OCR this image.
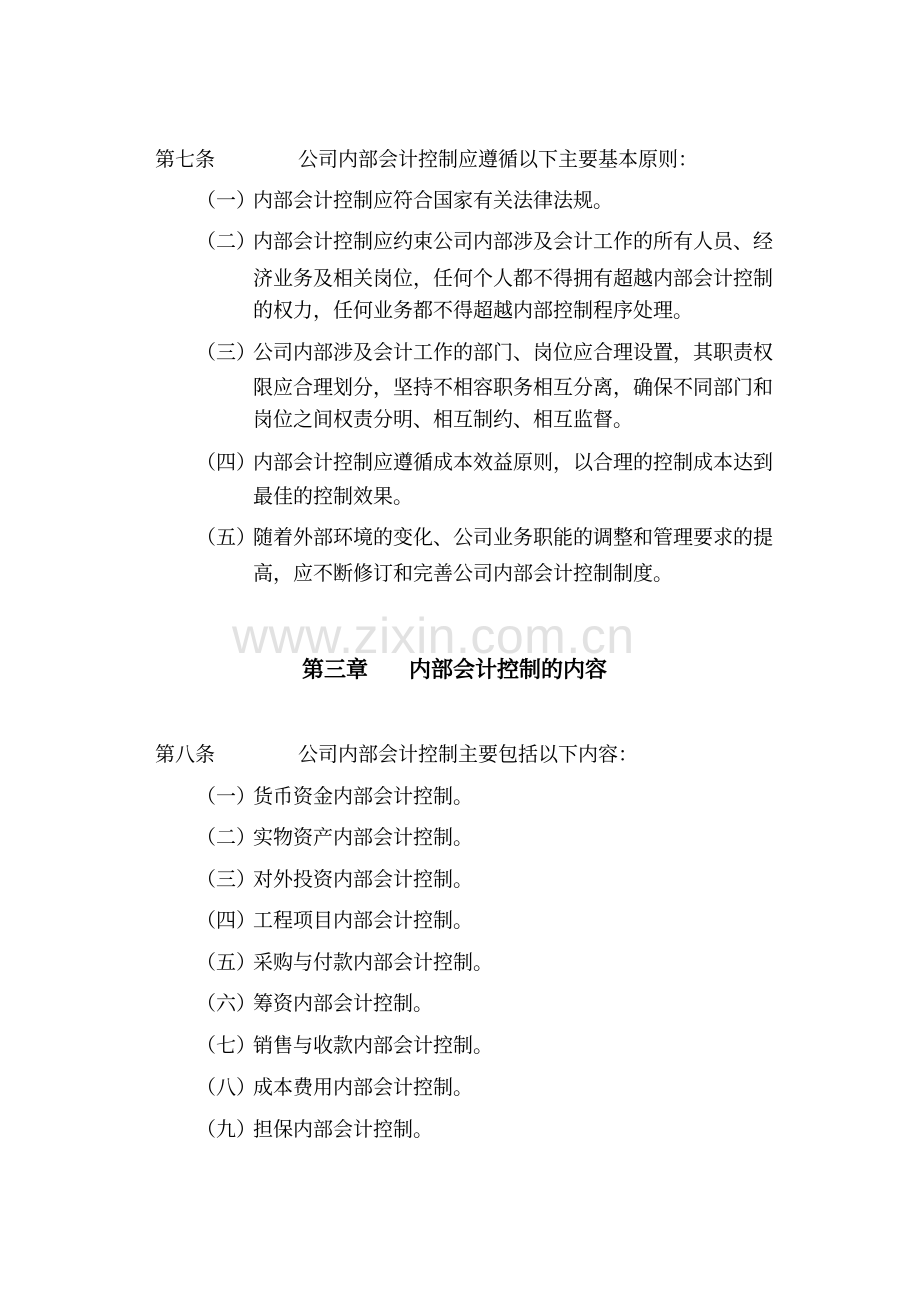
第七条	公司内部会计控制应遵循以下主要基本原则：
（一）
内部会计控制应符合国家有关法律法规。
（二）
内部会计控制应约束公司内部涉及会计工作的所有人员、经
济业务及相关岗位，任何个人都不得拥有超越内部会计控制
的权力，任何业务都不得超越内部控制程序处理。
（三）
公司内部涉及会计工作的部门、岗位应合理设置，其职责权
限应合理划分，坚持不相容职务相互分离，确保不同部门和
岗位之间权责分明、相互制约、相互监督。
（四）
内部会计控制应遵循成本效益原则，以合理的控制成本达到
最佳的控制效果。
（五）
随着外部环境的变化、公司业务职能的调整和管理要求的提
高，应不断修订和完善公司内部会计控制制度。
www.zixin.com.cn
第三章 内部会计控制的内容
第八条	公司内部会计控制主要包括以下内容：
（一）
货币资金内部会计控制。
（二）
实物资产内部会计控制。
（三）
对外投资内部会计控制。
（四）
工程项目内部会计控制。
（五）
采购与付款内部会计控制。
（六）
筹资内部会计控制。
（七）
销售与收款内部会计控制。
（八）
成本费用内部会计控制。
（九）
担保内部会计控制。
